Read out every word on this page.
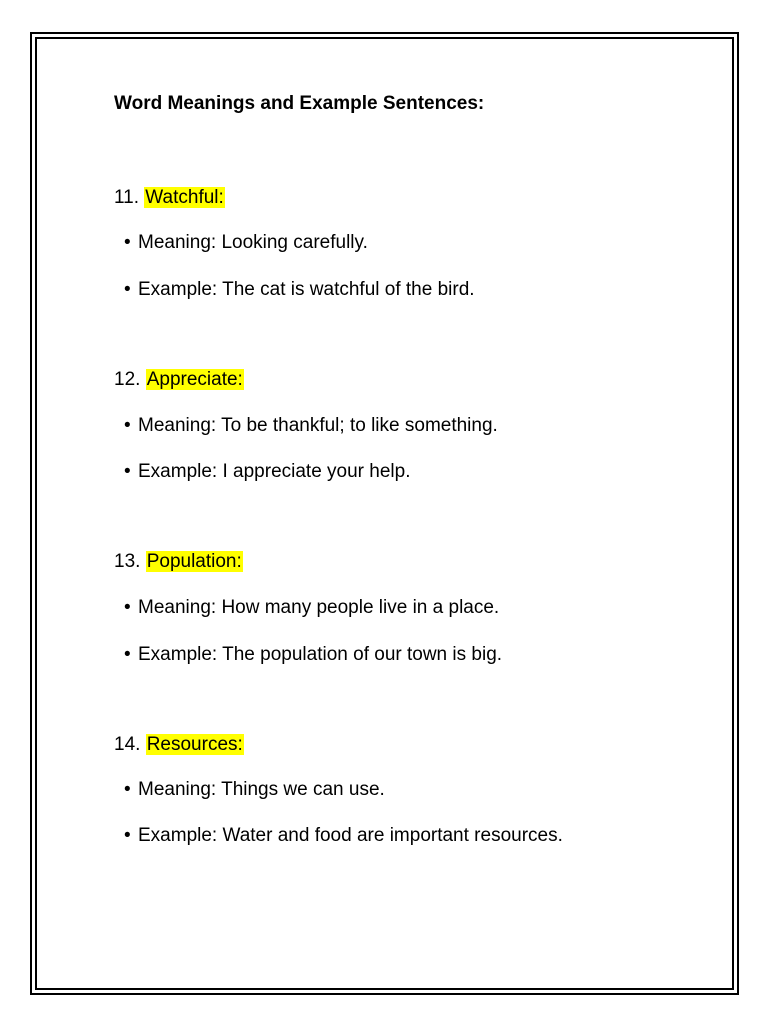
Word Meanings and Example Sentences:
11. Watchful:
• Meaning: Looking carefully.
• Example: The cat is watchful of the bird.
12. Appreciate:
• Meaning: To be thankful; to like something.
• Example: I appreciate your help.
13. Population:
• Meaning: How many people live in a place.
• Example: The population of our town is big.
14. Resources:
• Meaning: Things we can use.
• Example: Water and food are important resources.
